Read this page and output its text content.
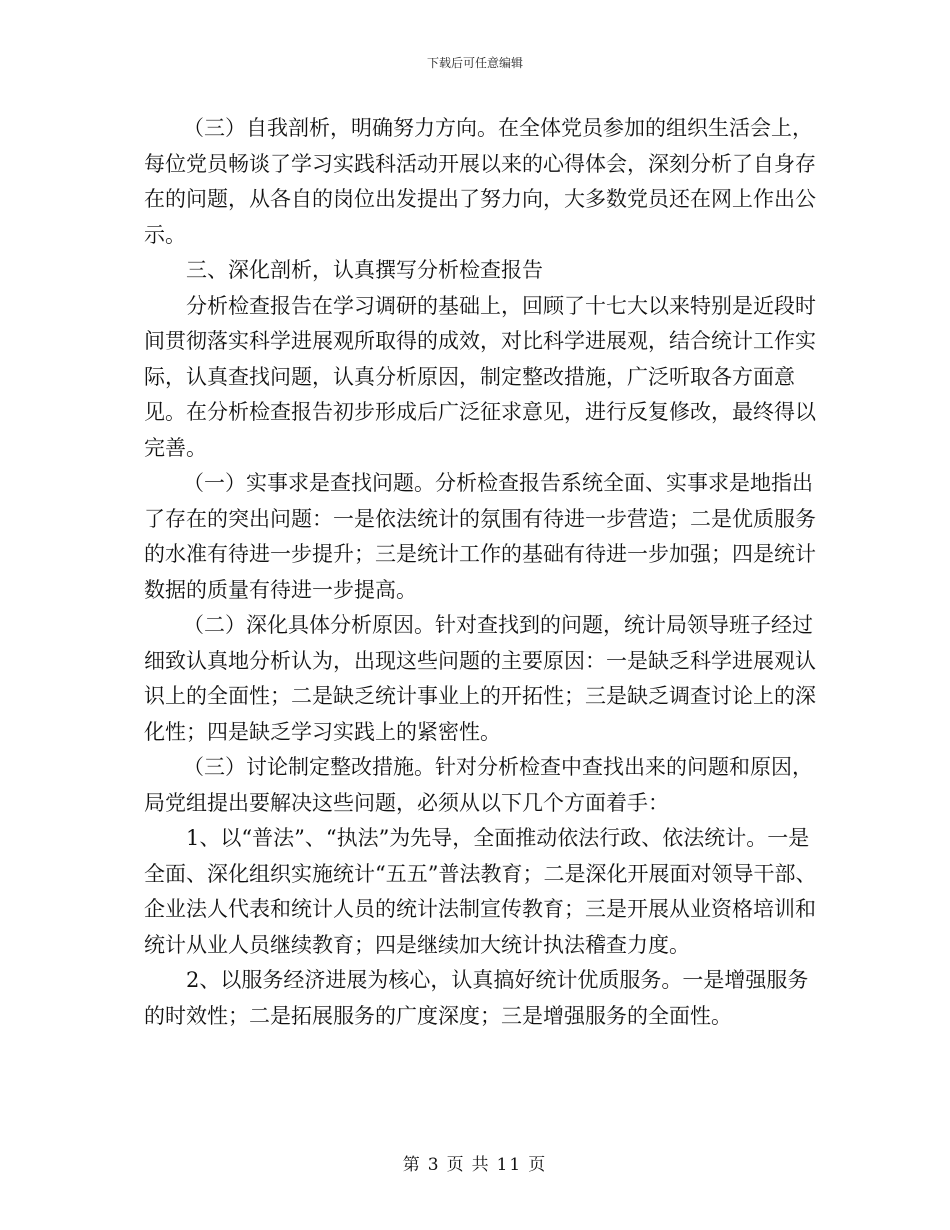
下载后可任意编辑

（三）自我剖析，明确努力方向。在全体党员参加的组织生活会上，每位党员畅谈了学习实践科活动开展以来的心得体会，深刻分析了自身存在的问题，从各自的岗位出发提出了努力向，大多数党员还在网上作出公示。

三、深化剖析，认真撰写分析检查报告

分析检查报告在学习调研的基础上，回顾了十七大以来特别是近段时间贯彻落实科学进展观所取得的成效，对比科学进展观，结合统计工作实际，认真查找问题，认真分析原因，制定整改措施，广泛听取各方面意见。在分析检查报告初步形成后广泛征求意见，进行反复修改，最终得以完善。

（一）实事求是查找问题。分析检查报告系统全面、实事求是地指出了存在的突出问题：一是依法统计的氛围有待进一步营造；二是优质服务的水准有待进一步提升；三是统计工作的基础有待进一步加强；四是统计数据的质量有待进一步提高。

（二）深化具体分析原因。针对查找到的问题，统计局领导班子经过细致认真地分析认为，出现这些问题的主要原因：一是缺乏科学进展观认识上的全面性；二是缺乏统计事业上的开拓性；三是缺乏调查讨论上的深化性；四是缺乏学习实践上的紧密性。

（三）讨论制定整改措施。针对分析检查中查找出来的问题和原因，局党组提出要解决这些问题，必须从以下几个方面着手：

1、以“普法”、“执法”为先导，全面推动依法行政、依法统计。一是全面、深化组织实施统计“五五”普法教育；二是深化开展面对领导干部、企业法人代表和统计人员的统计法制宣传教育；三是开展从业资格培训和统计从业人员继续教育；四是继续加大统计执法稽查力度。

2、以服务经济进展为核心，认真搞好统计优质服务。一是增强服务的时效性；二是拓展服务的广度深度；三是增强服务的全面性。

第 3 页 共 11 页
